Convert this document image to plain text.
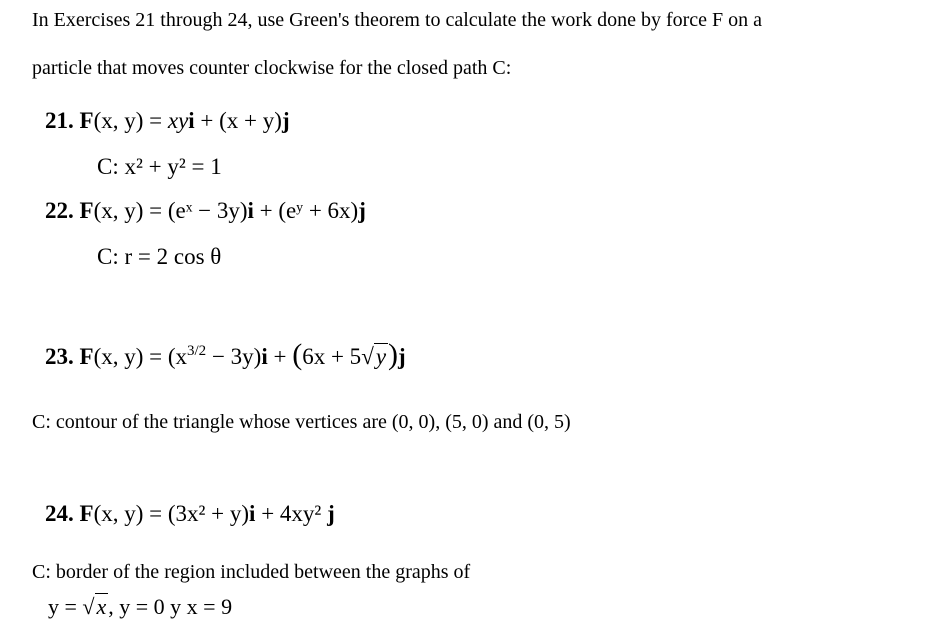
In Exercises 21 through 24, use Green's theorem to calculate the work done by force F on a
particle that moves counter clockwise for the closed path C:
21. F(x, y) = xyi + (x + y)j
C: x² + y² = 1
22. F(x, y) = (eˣ − 3y)i + (eʸ + 6x)j
C: r = 2 cos θ
23. F(x, $y) = (x^{3/2} - 3y)i + (6x + 5√y)j$
C: contour of the triangle whose vertices are (0, 0), (5, 0) and (0, 5)
24. F(x, y) = (3x² + y)i + 4xy² j
C: border of the region included between the graphs of
y = √x, y = 0 y x = 9
